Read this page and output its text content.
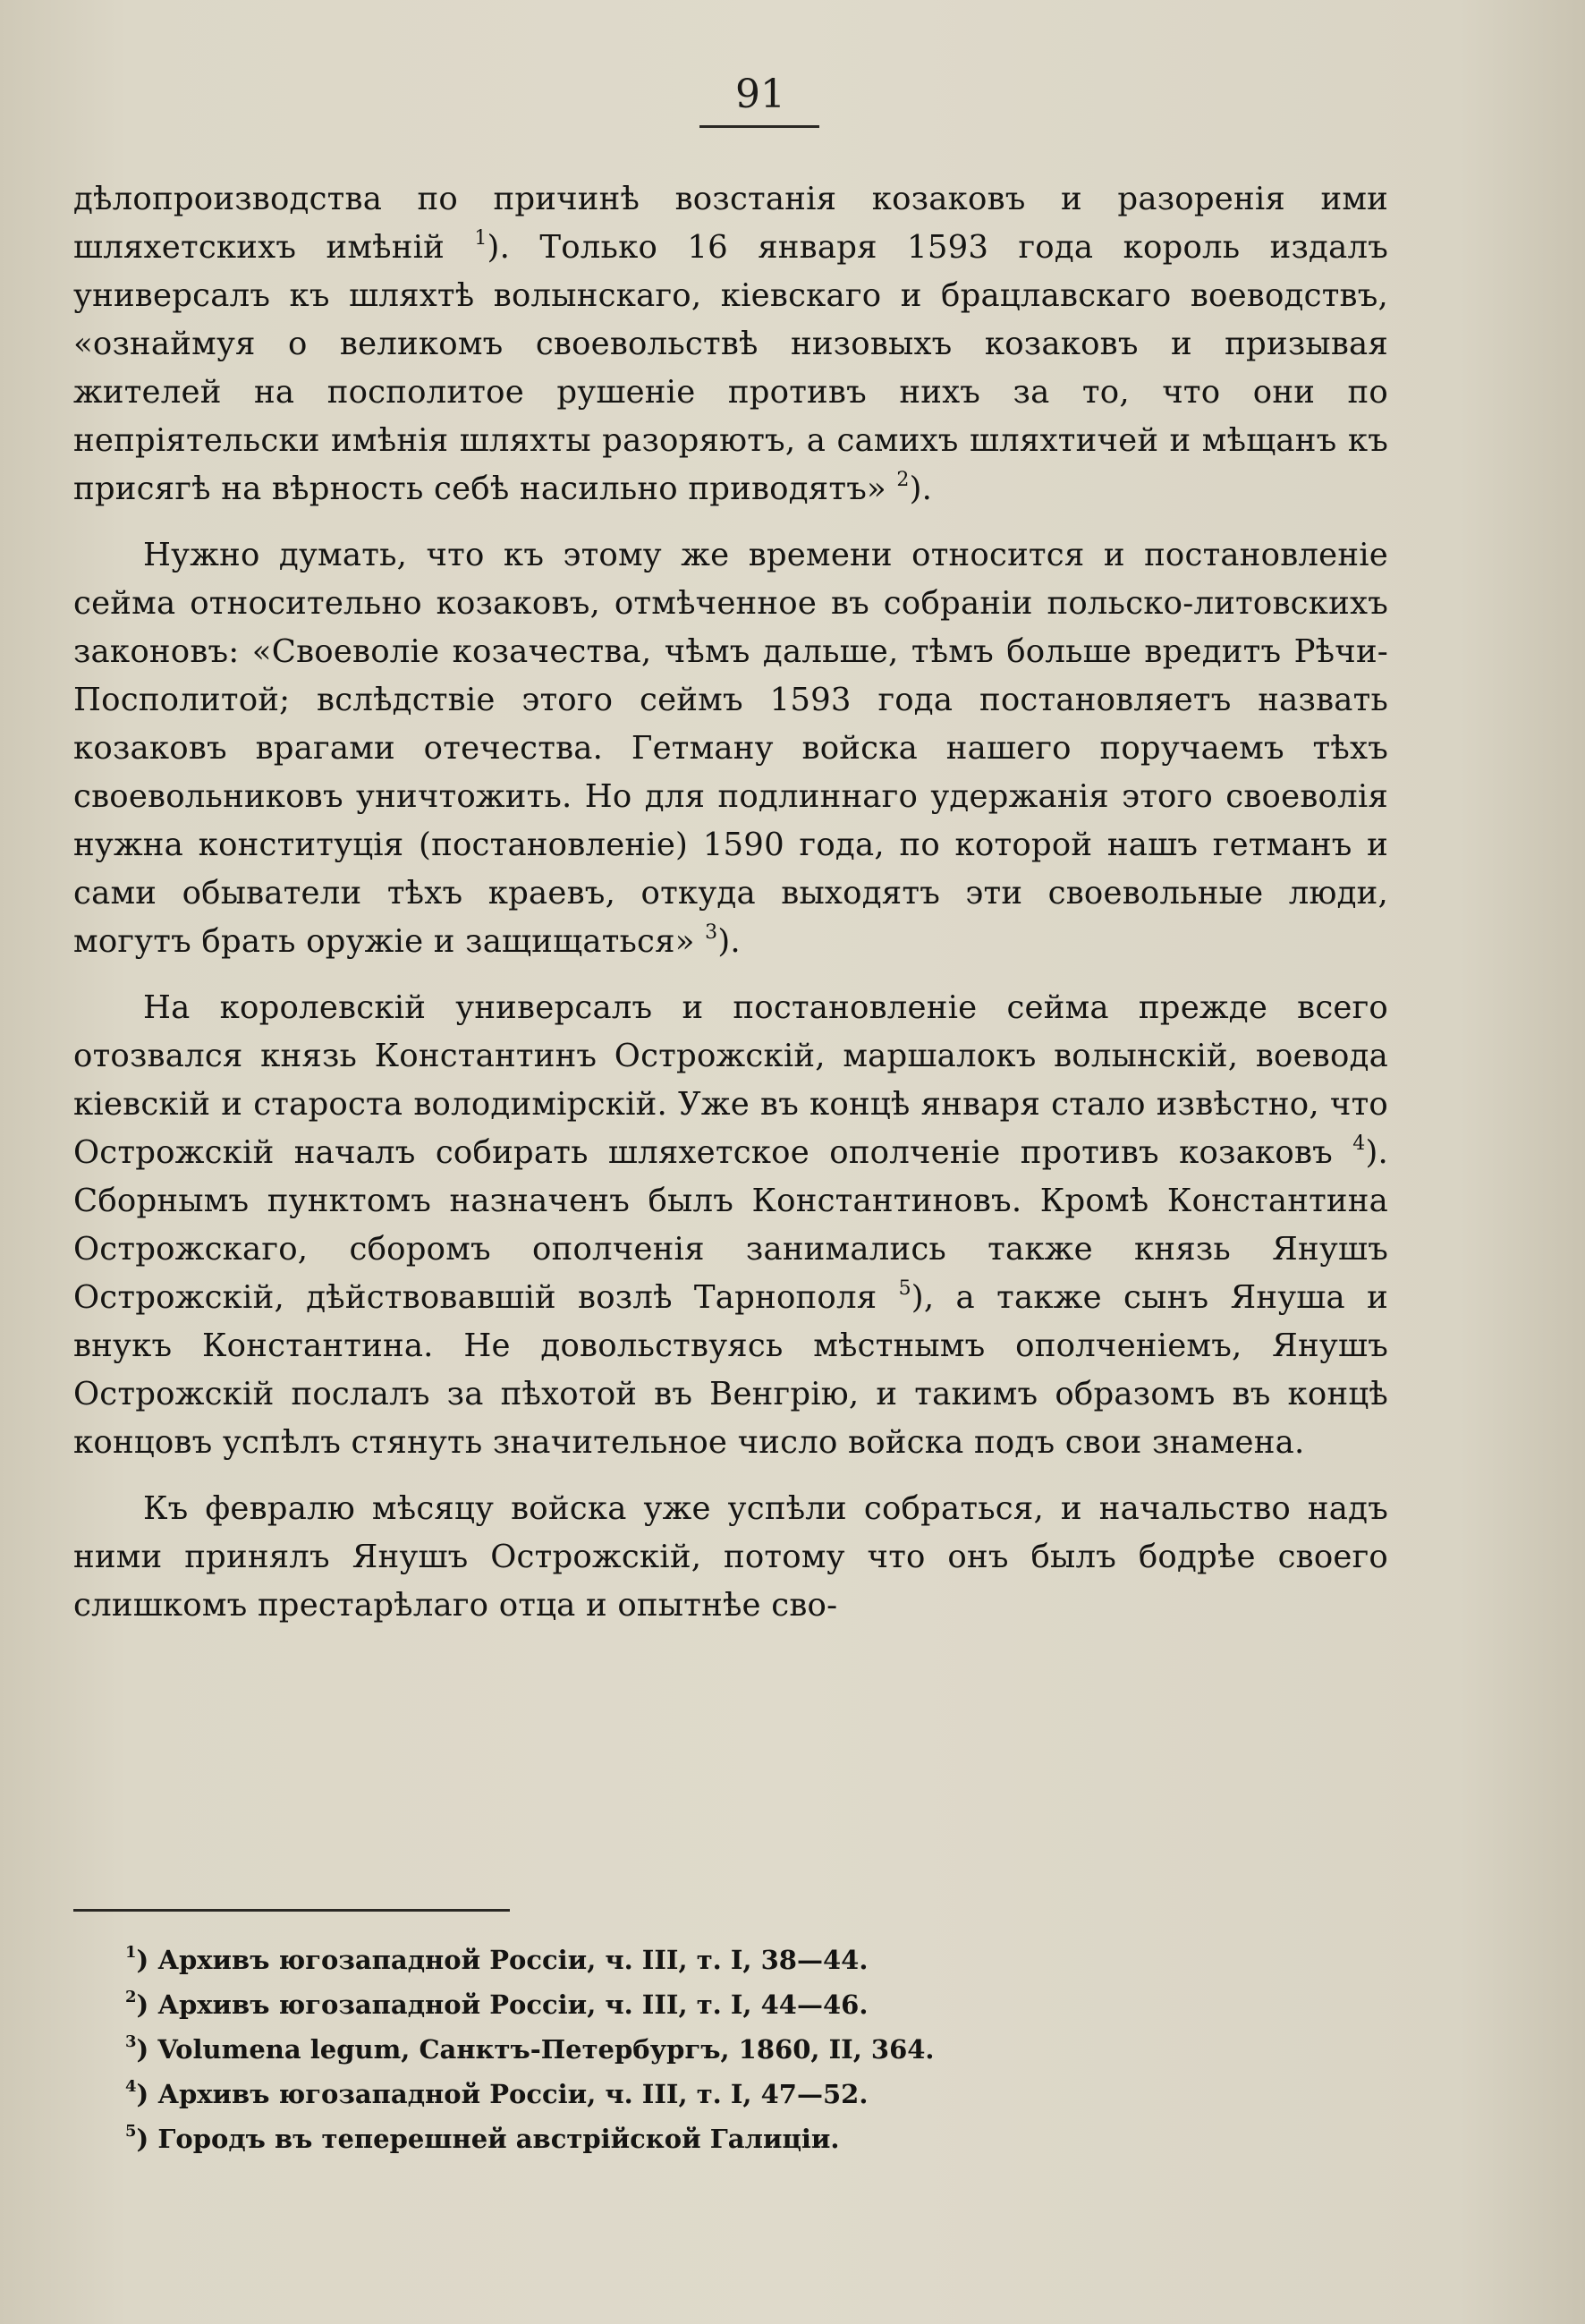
91

дѣлопроизводства по причинѣ возстанія козаковъ и разоренія ими шляхетскихъ имѣній $^1$). Только 16 января 1593 года король издалъ универсалъ къ шляхтѣ волынскаго, кіевскаго и брацлавскаго воеводствъ, «ознаймуя о великомъ своевольствѣ низовыхъ козаковъ и призывая жителей на посполитое рушеніе противъ нихъ за то, что они по непріятельски имѣнія шляхты разоряютъ, а самихъ шляхтичей и мѣщанъ къ присягѣ на вѣрность себѣ насильно приводятъ» $^2$).

Нужно думать, что къ этому же времени относится и постановленіе сейма относительно козаковъ, отмѣченное въ собраніи польско-литовскихъ законовъ: «Своеволіе козачества, чѣмъ дальше, тѣмъ больше вредитъ Рѣчи-Посполитой; вслѣдствіе этого сеймъ 1593 года постановляетъ назвать козаковъ врагами отечества. Гетману войска нашего поручаемъ тѣхъ своевольниковъ уничтожить. Но для подлиннаго удержанія этого своеволія нужна конституція (постановленіе) 1590 года, по которой нашъ гетманъ и сами обыватели тѣхъ краевъ, откуда выходятъ эти своевольные люди, могутъ брать оружіе и защищаться» $^3$).

На королевскій универсалъ и постановленіе сейма прежде всего отозвался князь Константинъ Острожскій, маршалокъ волынскій, воевода кіевскій и староста володимірскій. Уже въ концѣ января стало извѣстно, что Острожскій началъ собирать шляхетское ополченіе противъ козаковъ $^4$). Сборнымъ пунктомъ назначенъ былъ Константиновъ. Кромѣ Константина Острожскаго, сборомъ ополченія занимались также князь Янушъ Острожскій, дѣйствовавшій возлѣ Тарнополя $^5$), а также сынъ Януша и внукъ Константина. Не довольствуясь мѣстнымъ ополченіемъ, Янушъ Острожскій послалъ за пѣхотой въ Венгрію, и такимъ образомъ въ концѣ концовъ успѣлъ стянуть значительное число войска подъ свои знамена.

Къ февралю мѣсяцу войска уже успѣли собраться, и начальство надъ ними принялъ Янушъ Острожскій, потому что онъ былъ бодрѣе своего слишкомъ престарѣлаго отца и опытнѣе сво-

$^1$) Архивъ югозападной Россіи, ч. III, т. I, 38—44.
$^2$) Архивъ югозападной Россіи, ч. III, т. I, 44—46.
$^3$) Volumena legum, Санктъ-Петербургъ, 1860, II, 364.
$^4$) Архивъ югозападной Россіи, ч. III, т. I, 47—52.
$^5$) Городъ въ теперешней австрійской Галиціи.
